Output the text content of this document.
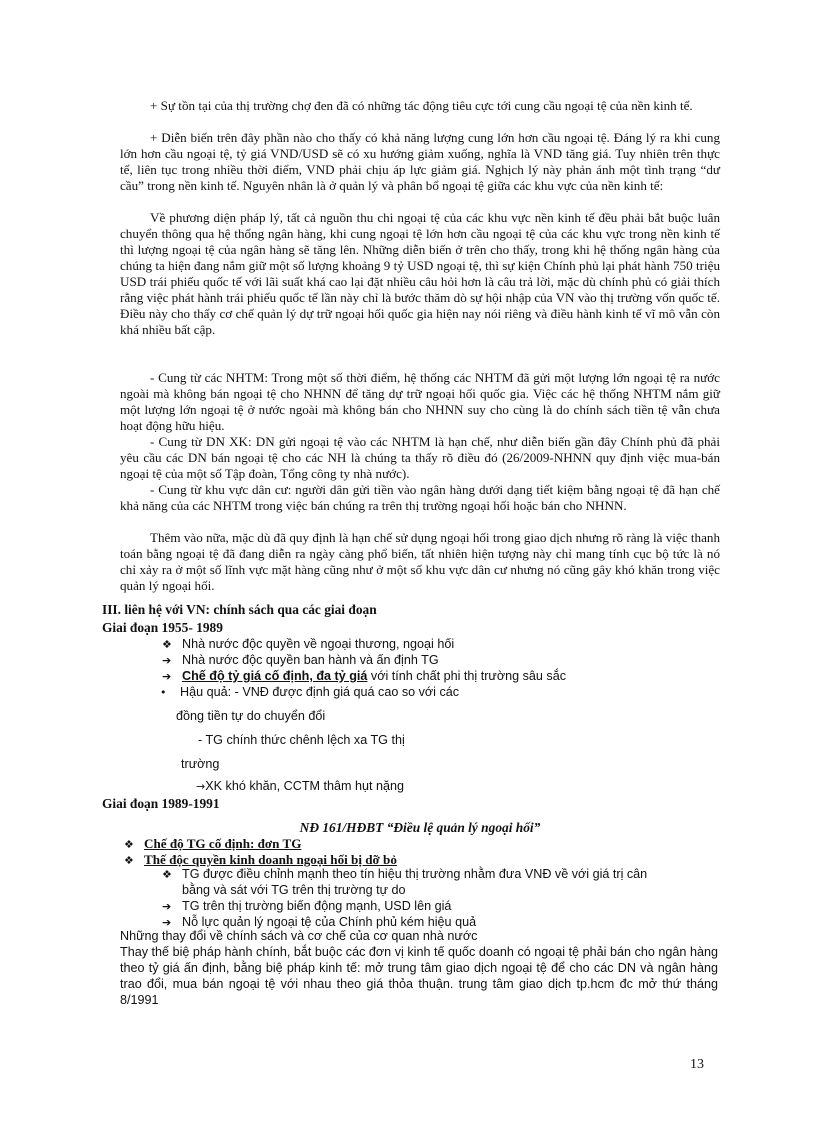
+ Sự tồn tại của thị trường chợ đen đã có những tác động tiêu cực tới cung cầu ngoại tệ của nền kinh tế.

+ Diễn biến trên đây phần nào cho thấy có khả năng lượng cung lớn hơn cầu ngoại tệ. Đáng lý ra khi cung lớn hơn cầu ngoại tệ, tỷ giá VND/USD sẽ có xu hướng giảm xuống, nghĩa là VND tăng giá. Tuy nhiên trên thực tế, liên tục trong nhiều thời điểm, VND phải chịu áp lực giảm giá. Nghịch lý này phản ánh một tình trạng “dư cầu” trong nền kinh tế. Nguyên nhân là ở quản lý và phân bổ ngoại tệ giữa các khu vực của nền kinh tế:

Về phương diện pháp lý, tất cả nguồn thu chi ngoại tệ của các khu vực nền kinh tế đều phải bắt buộc luân chuyển thông qua hệ thống ngân hàng, khi cung ngoại tệ lớn hơn cầu ngoại tệ của các khu vực trong nền kinh tế thì lượng ngoại tệ của ngân hàng sẽ tăng lên. Những diễn biến ở trên cho thấy, trong khi hệ thống ngân hàng của chúng ta hiện đang nắm giữ một số lượng khoảng 9 tỷ USD ngoại tệ, thì sự kiện Chính phủ lại phát hành 750 triệu USD trái phiếu quốc tế với lãi suất khá cao lại đặt nhiều câu hỏi hơn là câu trả lời, mặc dù chính phủ có giải thích rằng việc phát hành trái phiếu quốc tế lần này chỉ là bước thăm dò sự hội nhập của VN vào thị trường vốn quốc tế. Điều này cho thấy cơ chế quản lý dự trữ ngoại hối quốc gia hiện nay nói riêng và điều hành kinh tế vĩ mô vẫn còn khá nhiều bất cập.

- Cung từ các NHTM: Trong một số thời điểm, hệ thống các NHTM đã gửi một lượng lớn ngoại tệ ra nước ngoài mà không bán ngoại tệ cho NHNN để tăng dự trữ ngoại hối quốc gia. Việc các hệ thống NHTM nắm giữ một lượng lớn ngoại tệ ở nước ngoài mà không bán cho NHNN suy cho cùng là do chính sách tiền tệ vẫn chưa hoạt động hữu hiệu.

- Cung từ DN XK: DN gửi ngoại tệ vào các NHTM là hạn chế, như diễn biến gần đây Chính phủ đã phải yêu cầu các DN bán ngoại tệ cho các NH là chúng ta thấy rõ điều đó (26/2009-NHNN quy định việc mua-bán ngoại tệ của một số Tập đoàn, Tổng công ty nhà nước).

- Cung từ khu vực dân cư: người dân gửi tiền vào ngân hàng dưới dạng tiết kiệm bằng ngoại tệ đã hạn chế khả năng của các NHTM trong việc bán chúng ra trên thị trường ngoại hối hoặc bán cho NHNN.

Thêm vào nữa, mặc dù đã quy định là hạn chế sử dụng ngoại hối trong giao dịch nhưng rõ ràng là việc thanh toán bằng ngoại tệ đã đang diễn ra ngày càng phổ biến, tất nhiên hiện tượng này chỉ mang tính cục bộ tức là nó chỉ xảy ra ở một số lĩnh vực mặt hàng cũng như ở một số khu vực dân cư nhưng nó cũng gây khó khăn trong việc quản lý ngoại hối.

III. liên hệ với VN: chính sách qua các giai đoạn

Giai đoạn 1955- 1989

❖ Nhà nước độc quyền về ngoại thương, ngoại hối

➔ Nhà nước độc quyền ban hành và ấn định TG

➔ Chế độ tỷ giá cố định, đa tỷ giá với tính chất phi thị trường sâu sắc

• Hậu quả: - VNĐ được định giá quá cao so với các

đồng tiền tự do chuyển đổi

- TG chính thức chênh lệch xa TG thị

trường

→XK khó khăn, CCTM thâm hụt nặng

Giai đoạn 1989-1991

NĐ 161/HĐBT “Điều lệ quản lý ngoại hối”

❖ Chế độ TG cố định: đơn TG

❖ Thế độc quyền kinh doanh ngoại hối bị dỡ bỏ

❖ TG được điều chỉnh mạnh theo tín hiệu thị trường nhằm đưa VNĐ về với giá trị cân

bằng và sát với TG trên thị trường tự do

➔ TG trên thị trường biến động mạnh, USD lên giá

➔ Nỗ lực quản lý ngoại tệ của Chính phủ kém hiệu quả

Những thay đổi về chính sách và cơ chế của cơ quan nhà nước

Thay thế biệ pháp hành chính, bắt buộc các đơn vị kinh tế quốc doanh có ngoại tệ phải bán cho ngân hàng theo tỷ giá ấn định, bằng biệ pháp kinh tế: mở trung tâm giao dịch ngoại tệ để cho các DN và ngân hàng trao đổi, mua bán ngoại tệ với nhau theo giá thỏa thuận. trung tâm giao dịch tp.hcm đc mở thứ tháng 8/1991

13
